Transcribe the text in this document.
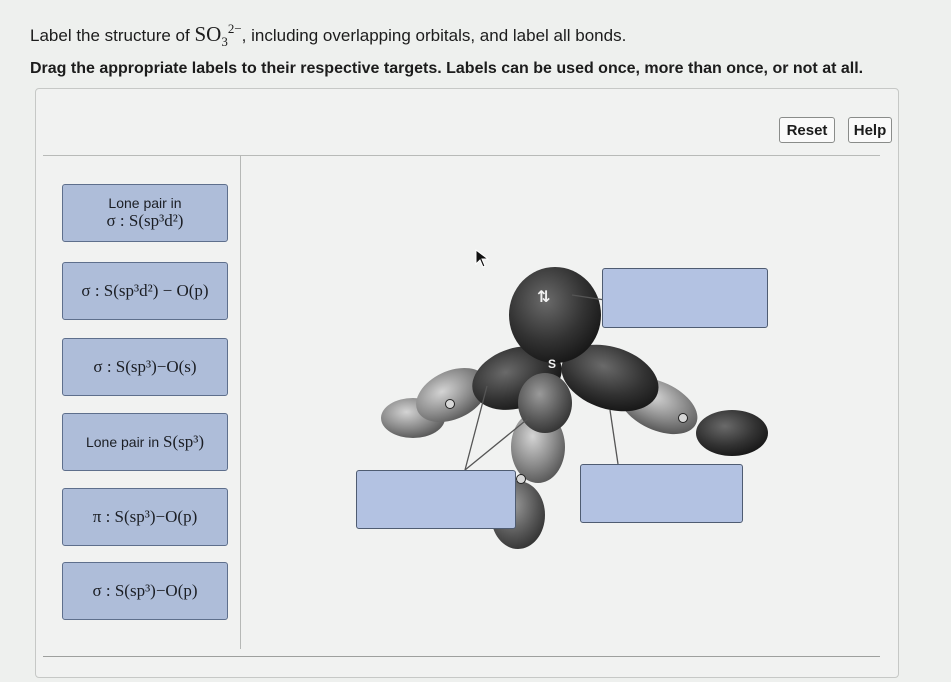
Label the structure of $SO_3^{2-}$, including overlapping orbitals, and label all bonds.
Drag the appropriate labels to their respective targets. Labels can be used once, more than once, or not at all.
Reset	Help
Lone pair in
σ : S(sp³d²)
σ : S(sp³d²) − O(p)
σ : S(sp³)−O(s)
Lone pair in S(sp³)
π : S(sp³)−O(p)
σ : S(sp³)−O(p)
S
⇅
